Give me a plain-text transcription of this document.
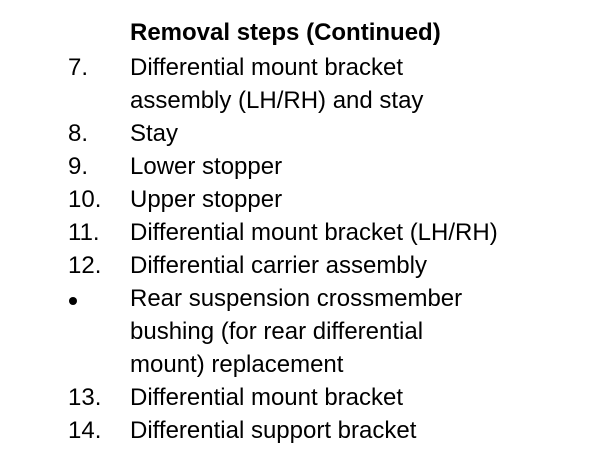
Removal steps (Continued)
7.	Differential mount bracket
assembly (LH/RH) and stay
8.	Stay
9.	Lower stopper
10.	Upper stopper
11.	Differential mount bracket (LH/RH)
12.	Differential carrier assembly
Rear suspension crossmember
bushing (for rear differential
mount) replacement
13.	Differential mount bracket
14.	Differential support bracket
